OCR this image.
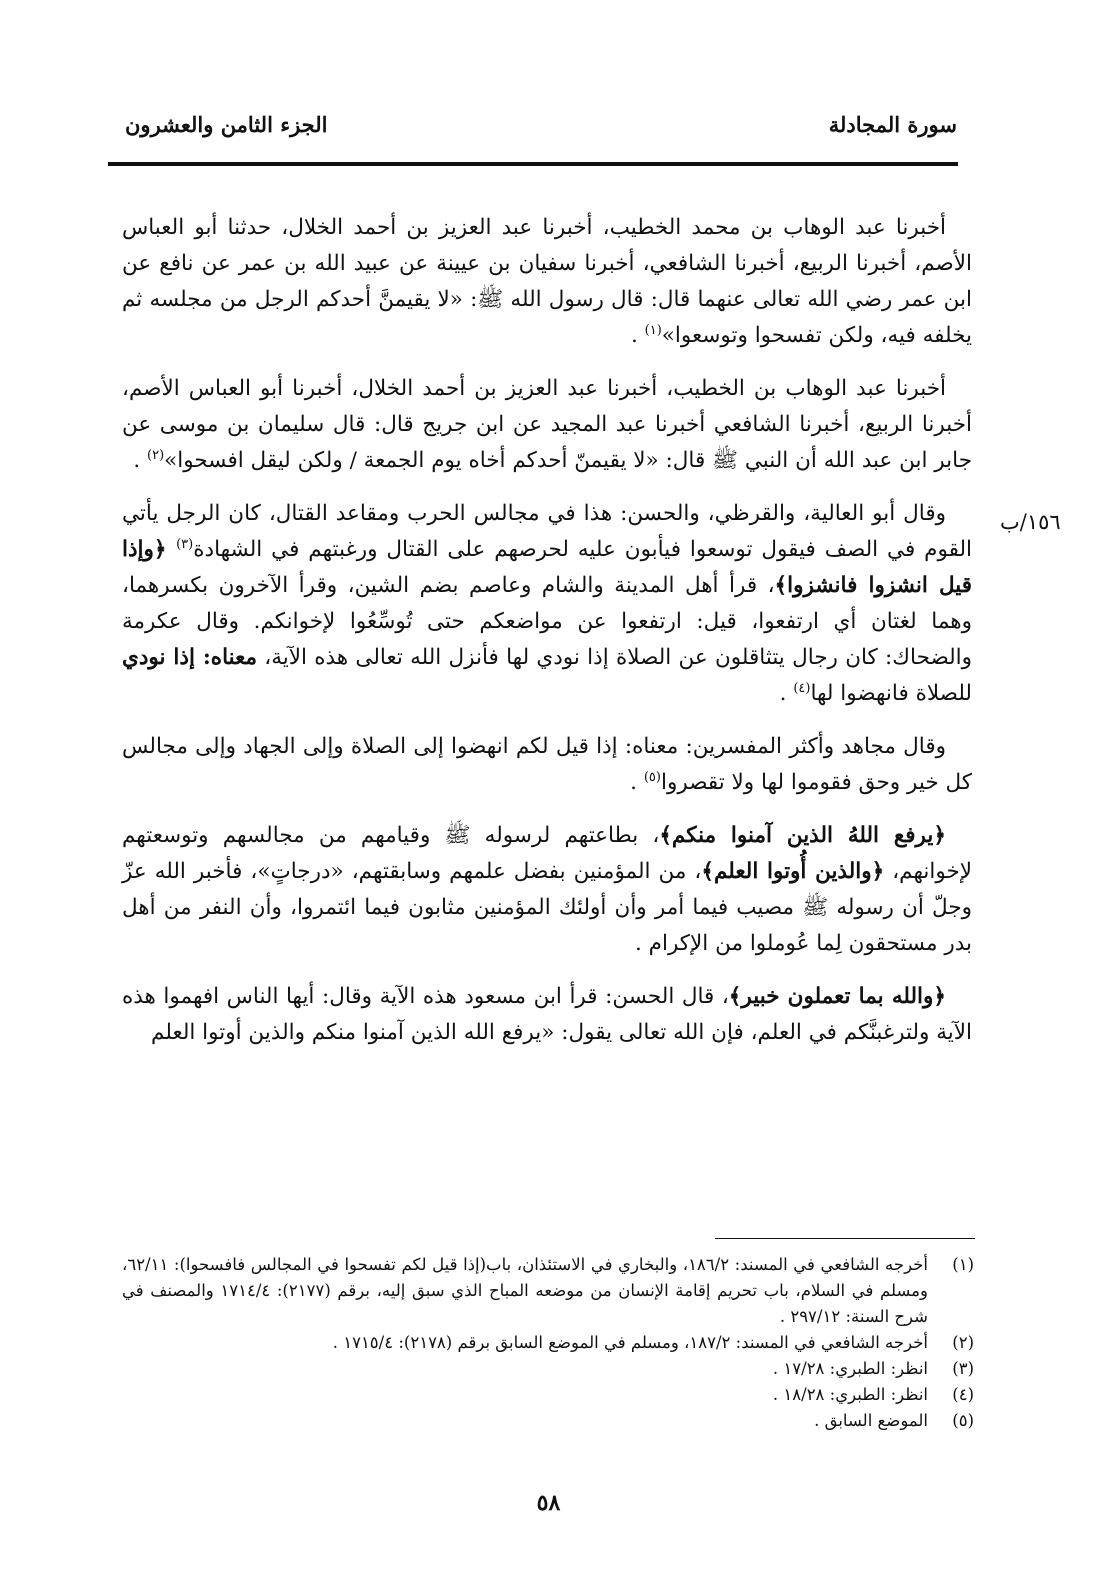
سورة المجادلة
الجزء الثامن والعشرون
١٥٦/ب

أخبرنا عبد الوهاب بن محمد الخطيب، أخبرنا عبد العزيز بن أحمد الخلال، حدثنا أبو العباس الأصم، أخبرنا الربيع، أخبرنا الشافعي، أخبرنا سفيان بن عيينة عن عبيد الله بن عمر عن نافع عن ابن عمر رضي الله تعالى عنهما قال: قال رسول الله ﷺ: «لا يقيمنَّ أحدكم الرجل من مجلسه ثم يخلفه فيه، ولكن تفسحوا وتوسعوا»$^{(١)}$ .

أخبرنا عبد الوهاب بن الخطيب، أخبرنا عبد العزيز بن أحمد الخلال، أخبرنا أبو العباس الأصم، أخبرنا الربيع، أخبرنا الشافعي أخبرنا عبد المجيد عن ابن جريج قال: قال سليمان بن موسى عن جابر ابن عبد الله أن النبي ﷺ قال: «لا يقيمنّ أحدكم أخاه يوم الجمعة / ولكن ليقل افسحوا»$^{(٢)}$ .

وقال أبو العالية، والقرظي، والحسن: هذا في مجالس الحرب ومقاعد القتال، كان الرجل يأتي القوم في الصف فيقول توسعوا فيأبون عليه لحرصهم على القتال ورغبتهم في الشهادة$^{(٣)}$ ﴿وإذا قيل انشزوا فانشزوا﴾، قرأ أهل المدينة والشام وعاصم بضم الشين، وقرأ الآخرون بكسرهما، وهما لغتان أي ارتفعوا، قيل: ارتفعوا عن مواضعكم حتى تُوسِّعُوا لإخوانكم. وقال عكرمة والضحاك: كان رجال يتثاقلون عن الصلاة إذا نودي لها فأنزل الله تعالى هذه الآية، معناه: إذا نودي للصلاة فانهضوا لها$^{(٤)}$ .

وقال مجاهد وأكثر المفسرين: معناه: إذا قيل لكم انهضوا إلى الصلاة وإلى الجهاد وإلى مجالس كل خير وحق فقوموا لها ولا تقصروا$^{(٥)}$ .

﴿يرفع اللهُ الذين آمنوا منكم﴾، بطاعتهم لرسوله ﷺ وقيامهم من مجالسهم وتوسعتهم لإخوانهم، ﴿والذين أُوتوا العلم﴾، من المؤمنين بفضل علمهم وسابقتهم، «درجاتٍ»، فأخبر الله عزّ وجلّ أن رسوله ﷺ مصيب فيما أمر وأن أولئك المؤمنين مثابون فيما ائتمروا، وأن النفر من أهل بدر مستحقون لِما عُوملوا من الإكرام .

﴿والله بما تعملون خبير﴾، قال الحسن: قرأ ابن مسعود هذه الآية وقال: أيها الناس افهموا هذه الآية ولترغبنَّكم في العلم، فإن الله تعالى يقول: «يرفع الله الذين آمنوا منكم والذين أوتوا العلم

(١)
أخرجه الشافعي في المسند: ١٨٦/٢، والبخاري في الاستئذان، باب(إذا قيل لكم تفسحوا في المجالس فافسحوا): ٦٢/١١، ومسلم في السلام، باب تحريم إقامة الإنسان من موضعه المباح الذي سبق إليه، برقم (٢١٧٧): ١٧١٤/٤ والمصنف في شرح السنة: ٢٩٧/١٢ .
(٢)
أخرجه الشافعي في المسند: ١٨٧/٢، ومسلم في الموضع السابق برقم (٢١٧٨): ١٧١٥/٤ .
(٣)
انظر: الطبري: ١٧/٢٨ .
(٤)
انظر: الطبري: ١٨/٢٨ .
(٥)
الموضع السابق .
٥٨
